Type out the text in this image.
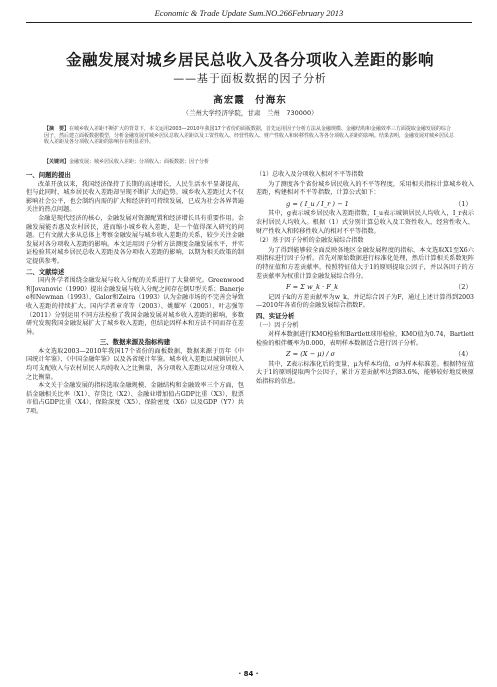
Economic & Trade Update Sum.NO.266February 2013
金融发展对城乡居民总收入及各分项收入差距的影响
——基于面板数据的因子分析
高宏霞　付海东
（兰州大学经济学院，甘肃　兰州　730000）
【摘　要】在城乡收入差距不断扩大的背景下，本文运用2003—2010年我国17个省份的面板数据，首先运用因子分析方法从金融规模、金融结构和金融效率三方面提取金融发展的综合因子，然后建立面板数据模型，分析金融发展对城乡居民总收入差距以及工资性收入、经营性收入、财产性收入和转移性收入等各分项收入差距的影响。结果表明，金融发展对城乡居民总收入差距及各分项收入差距的影响存在明显差异。
【关键词】金融发展；城乡居民收入差距；分项收入；面板数据；因子分析
一、问题的提出

改革开放以来，我国经济保持了长期的高速增长，人民生活水平显著提高，但与此同时，城乡居民收入差距却呈现不断扩大的趋势。城乡收入差距过大不仅影响社会公平，也会制约内需的扩大和经济的可持续发展，已成为社会各界普遍关注的热点问题。

金融是现代经济的核心，金融发展对资源配置和经济增长具有重要作用。金融发展能否惠及农村居民，进而缩小城乡收入差距，是一个值得深入研究的问题。已有文献大多从总体上考察金融发展与城乡收入差距的关系，较少关注金融发展对各分项收入差距的影响。本文运用因子分析方法测度金融发展水平，并实证检验其对城乡居民总收入差距及各分项收入差距的影响，以期为相关政策的制定提供参考。

二、文献综述

国内外学者围绕金融发展与收入分配的关系进行了大量研究。Greenwood和Jovanovic（1990）提出金融发展与收入分配之间存在倒U型关系；Banerjee和Newman（1993）、Galor和Zeira（1993）认为金融市场的不完善会导致收入差距的持续扩大。国内学者章奇等（2003）、姚耀军（2005）、叶志强等（2011）分别运用不同方法检验了我国金融发展对城乡收入差距的影响，多数研究发现我国金融发展扩大了城乡收入差距，但结论因样本和方法不同而存在差异。

三、数据来源及指标构建

本文选取2003—2010年我国17个省份的面板数据，数据来源于历年《中国统计年鉴》、《中国金融年鉴》以及各省统计年鉴。城乡收入差距以城镇居民人均可支配收入与农村居民人均纯收入之比衡量，各分项收入差距以对应分项收入之比衡量。

本文关于金融发展的指标选取金融规模、金融结构和金融效率三个方面，包括金融相关比率（X1）、存贷比（X2）、金融业增加值占GDP比重（X3）、股票市值占GDP比重（X4）、保险深度（X5）、保险密度（X6）以及GDP（Y7）共7项。

（1）总收入及分项收入相对不平等指数

为了测度各个省份城乡居民收入的不平等程度，采用相关指标计算城乡收入差距，构建相对不平等指数，计算公式如下：

g = ( I_u / I_r ) − 1	（1）

其中，g表示城乡居民收入差距指数，I_u表示城镇居民人均收入，I_r表示农村居民人均收入。根据（1）式分别计算总收入及工资性收入、经营性收入、财产性收入和转移性收入的相对不平等指数。

（2）基于因子分析的金融发展综合指数

为了得到能够较全面反映各地区金融发展程度的指标，本文选取X1至X6六项指标进行因子分析。首先对原始数据进行标准化处理，然后计算相关系数矩阵的特征值和方差贡献率，按照特征值大于1的原则提取公因子，并以各因子的方差贡献率为权重计算金融发展综合得分。

F = Σ w_k · F_k	（2）

记因子k的方差贡献率为w_k，并记综合因子为F，通过上述计算得到2003—2010年各省份的金融发展综合指数F。

四、实证分析
（一）因子分析

对样本数据进行KMO检验和Bartlett球形检验，KMO值为0.74，Bartlett检验的相伴概率为0.000，表明样本数据适合进行因子分析。

Z = (X − μ) / σ	（4）

其中，Z表示标准化后的变量，μ为样本均值，σ为样本标准差。根据特征值大于1的原则提取两个公因子，累计方差贡献率达到83.6%，能够较好地反映原始指标的信息。

· 84 ·
